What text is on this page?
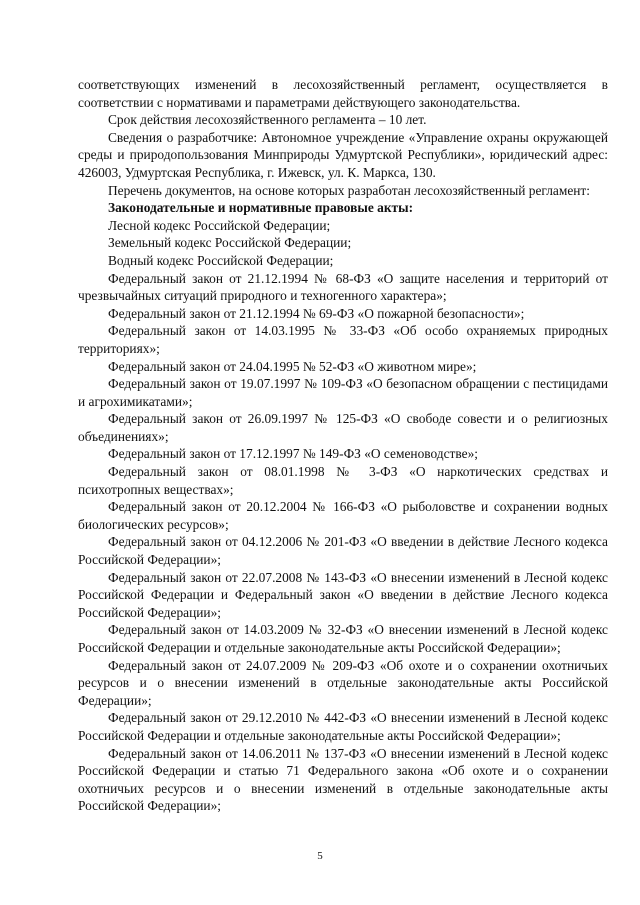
соответствующих изменений в лесохозяйственный регламент, осуществляется в соответствии с нормативами и параметрами действующего законодательства.

Срок действия лесохозяйственного регламента – 10 лет.

Сведения о разработчике: Автономное учреждение «Управление охраны окружающей среды и природопользования Минприроды Удмуртской Республики», юридический адрес: 426003, Удмуртская Республика, г. Ижевск, ул. К. Маркса, 130.

Перечень документов, на основе которых разработан лесохозяйственный регламент:

Законодательные и нормативные правовые акты:

Лесной кодекс Российской Федерации;

Земельный кодекс Российской Федерации;

Водный кодекс Российской Федерации;

Федеральный закон от 21.12.1994 № 68-ФЗ «О защите населения и территорий от чрезвычайных ситуаций природного и техногенного характера»;

Федеральный закон от 21.12.1994 № 69-ФЗ «О пожарной безопасности»;

Федеральный закон от 14.03.1995 № 33-ФЗ «Об особо охраняемых природных территориях»;

Федеральный закон от 24.04.1995 № 52-ФЗ «О животном мире»;

Федеральный закон от 19.07.1997 № 109-ФЗ «О безопасном обращении с пестицидами и агрохимикатами»;

Федеральный закон от 26.09.1997 № 125-ФЗ «О свободе совести и о религиозных объединениях»;

Федеральный закон от 17.12.1997 № 149-ФЗ «О семеноводстве»;

Федеральный закон от 08.01.1998 № 3-ФЗ «О наркотических средствах и психотропных веществах»;

Федеральный закон от 20.12.2004 № 166-ФЗ «О рыболовстве и сохранении водных биологических ресурсов»;

Федеральный закон от 04.12.2006 № 201-ФЗ «О введении в действие Лесного кодекса Российской Федерации»;

Федеральный закон от 22.07.2008 № 143-ФЗ «О внесении изменений в Лесной кодекс Российской Федерации и Федеральный закон «О введении в действие Лесного кодекса Российской Федерации»;

Федеральный закон от 14.03.2009 № 32-ФЗ «О внесении изменений в Лесной кодекс Российской Федерации и отдельные законодательные акты Российской Федерации»;

Федеральный закон от 24.07.2009 № 209-ФЗ «Об охоте и о сохранении охотничьих ресурсов и о внесении изменений в отдельные законодательные акты Российской Федерации»;

Федеральный закон от 29.12.2010 № 442-ФЗ «О внесении изменений в Лесной кодекс Российской Федерации и отдельные законодательные акты Российской Федерации»;

Федеральный закон от 14.06.2011 № 137-ФЗ «О внесении изменений в Лесной кодекс Российской Федерации и статью 71 Федерального закона «Об охоте и о сохранении охотничьих ресурсов и о внесении изменений в отдельные законодательные акты Российской Федерации»;

5
